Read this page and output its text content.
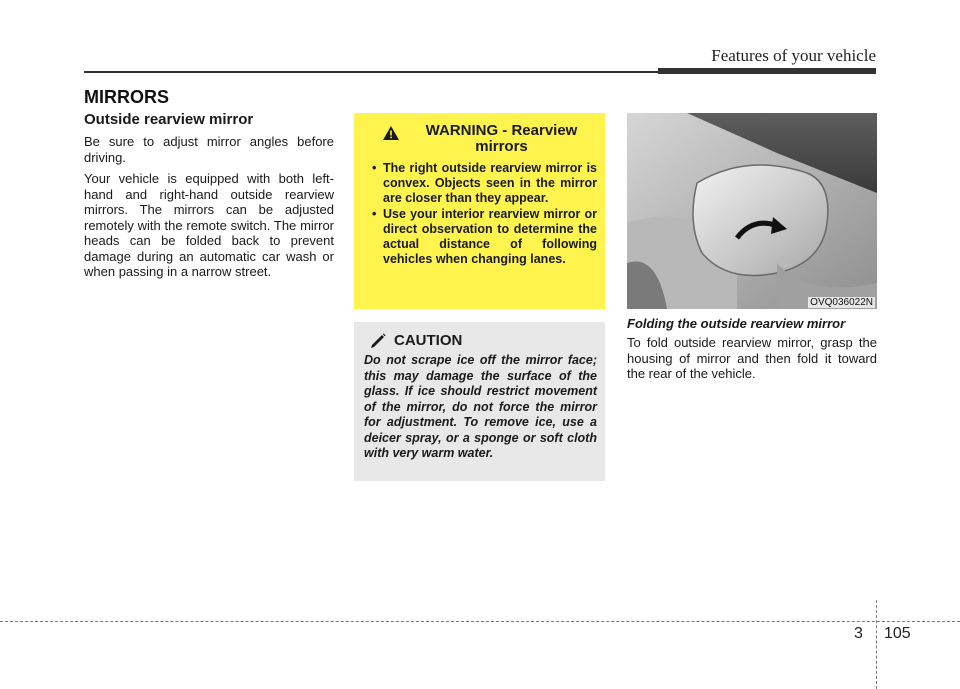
Features of your vehicle
MIRRORS
Outside rearview mirror

Be sure to adjust mirror angles before driving.

Your vehicle is equipped with both left-hand and right-hand outside rearview mirrors. The mirrors can be adjusted remotely with the remote switch. The mirror heads can be folded back to prevent damage during an automatic car wash or when passing in a narrow street.

WARNING - Rearview mirrors
• The right outside rearview mirror is convex. Objects seen in the mirror are closer than they appear.
• Use your interior rearview mirror or direct observation to determine the actual distance of following vehicles when changing lanes.
CAUTION
Do not scrape ice off the mirror face; this may damage the surface of the glass. If ice should restrict movement of the mirror, do not force the mirror for adjustment. To remove ice, use a deicer spray, or a sponge or soft cloth with very warm water.
OVQ036022N
Folding the outside rearview mirror

To fold outside rearview mirror, grasp the housing of mirror and then fold it toward the rear of the vehicle.

3 105
